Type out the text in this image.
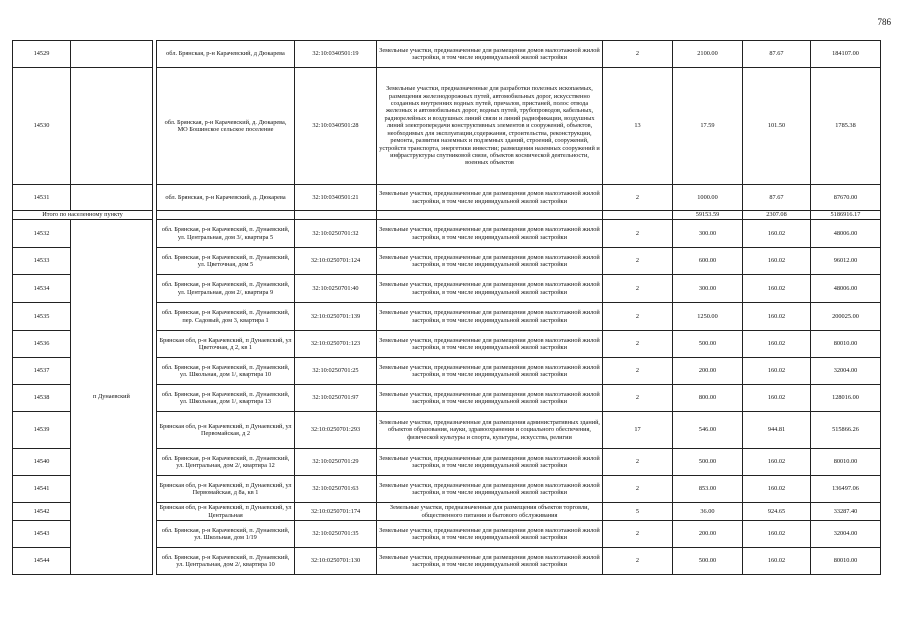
786
14529			обл. Брянская, р-н Карачевский, д Дюкарева	32:10:0340501:19	Земельные участки, предназначенные для размещения домов малоэтажной жилой застройки, в том числе индивидуальной жилой застройки	2	2100.00	87.67	184107.00
14530			обл. Брянская, р-н Карачевский, д. Дюкарева, МО Бошинское сельское поселение	32:10:0340501:28	Земельные участки, предназначенные для разработки полезных ископаемых, размещения железнодорожных путей, автомобильных дорог, искусственно созданных внутренних водных путей, причалов, пристаней, полос отвода железных и автомобильных дорог, водных путей, трубопроводов, кабельных, радиорелейных и воздушных линий связи и линий радиофикации, воздушных линий электропередачи конструктивных элементов и сооружений, объектов, необходимых для эксплуатации,содержания, строительства, реконструкции, ремонта, развития наземных и подземных зданий, строений, сооружений, устройств транспорта, энергетики инвестии; размещения наземных сооружений и инфраструктуры спутниковой связи, объектов космической деятельности, военных объектов	13	17.59	101.50	1785.38
14531			обл. Брянская, р-н Карачевский, д. Дюкарева	32:10:0340501:21	Земельные участки, предназначенные для размещения домов малоэтажной жилой застройки, в том числе индивидуальной жилой застройки	2	1000.00	87.67	87670.00
Итого по населенному пункту							59153.59	2307.08	5186916.17
14532	п Дунаевский		обл. Брянская, р-н Карачевский, п. Дунаевский, ул. Центральная, дом 3/, квартира 5	32:10:0250701:32	Земельные участки, предназначенные для размещения домов малоэтажной жилой застройки, в том числе индивидуальной жилой застройки	2	300.00	160.02	48006.00
14533			обл. Брянская, р-н Карачевский, п. Дунаевский, ул. Цветочная, дом 5	32:10:0250701:124	Земельные участки, предназначенные для размещения домов малоэтажной жилой застройки, в том числе индивидуальной жилой застройки	2	600.00	160.02	96012.00
14534			обл. Брянская, р-н Карачевский, п. Дунаевский, ул. Центральная, дом 2/, квартира 9	32:10:0250701:40	Земельные участки, предназначенные для размещения домов малоэтажной жилой застройки, в том числе индивидуальной жилой застройки	2	300.00	160.02	48006.00
14535			обл. Брянская, р-н Карачевский, п. Дунаевский, пер. Садовый, дом 3, квартира 1	32:10:0250701:139	Земельные участки, предназначенные для размещения домов малоэтажной жилой застройки, в том числе индивидуальной жилой застройки	2	1250.00	160.02	200025.00
14536			Брянская обл, р-н Карачевский, п Дунаевский, ул Цветочная, д 2, кв 1	32:10:0250701:123	Земельные участки, предназначенные для размещения домов малоэтажной жилой застройки, в том числе индивидуальной жилой застройки	2	500.00	160.02	80010.00
14537			обл. Брянская, р-н Карачевский, п. Дунаевский, ул. Школьная, дом 1/, квартира 10	32:10:0250701:25	Земельные участки, предназначенные для размещения домов малоэтажной жилой застройки, в том числе индивидуальной жилой застройки	2	200.00	160.02	32004.00
14538			обл. Брянская, р-н Карачевский, п. Дунаевский, ул. Школьная, дом 1/, квартира 13	32:10:0250701:97	Земельные участки, предназначенные для размещения домов малоэтажной жилой застройки, в том числе индивидуальной жилой застройки	2	800.00	160.02	128016.00
14539			Брянская обл, р-н Карачевский, п Дунаевский, ул Первомайская, д 2	32:10:0250701:293	Земельные участки, предназначенные для размещения административных зданий, объектов образования, науки, здравоохранения и социального обеспечения, физической культуры и спорта, культуры, искусства, религии	17	546.00	944.81	515866.26
14540			обл. Брянская, р-н Карачевский, п. Дунаевский, ул. Центральная, дом 2/, квартира 12	32:10:0250701:29	Земельные участки, предназначенные для размещения домов малоэтажной жилой застройки, в том числе индивидуальной жилой застройки	2	500.00	160.02	80010.00
14541			Брянская обл, р-н Карачевский, п Дунаевский, ул Первомайская, д 8а, кв 1	32:10:0250701:63	Земельные участки, предназначенные для размещения домов малоэтажной жилой застройки, в том числе индивидуальной жилой застройки	2	853.00	160.02	136497.06
14542			Брянская обл, р-н Карачевский, п Дунаевский, ул Центральная	32:10:0250701:174	Земельные участки, предназначенные для размещения объектов торговли, общественного питания и бытового обслуживания	5	36.00	924.65	33287.40
14543			обл. Брянская, р-н Карачевский, п. Дунаевский, ул. Школьная, дом 1/19	32:10:0250701:35	Земельные участки, предназначенные для размещения домов малоэтажной жилой застройки, в том числе индивидуальной жилой застройки	2	200.00	160.02	32004.00
14544			обл. Брянская, р-н Карачевский, п. Дунаевский, ул. Центральная, дом 2/, квартира 10	32:10:0250701:130	Земельные участки, предназначенные для размещения домов малоэтажной жилой застройки, в том числе индивидуальной жилой застройки	2	500.00	160.02	80010.00
